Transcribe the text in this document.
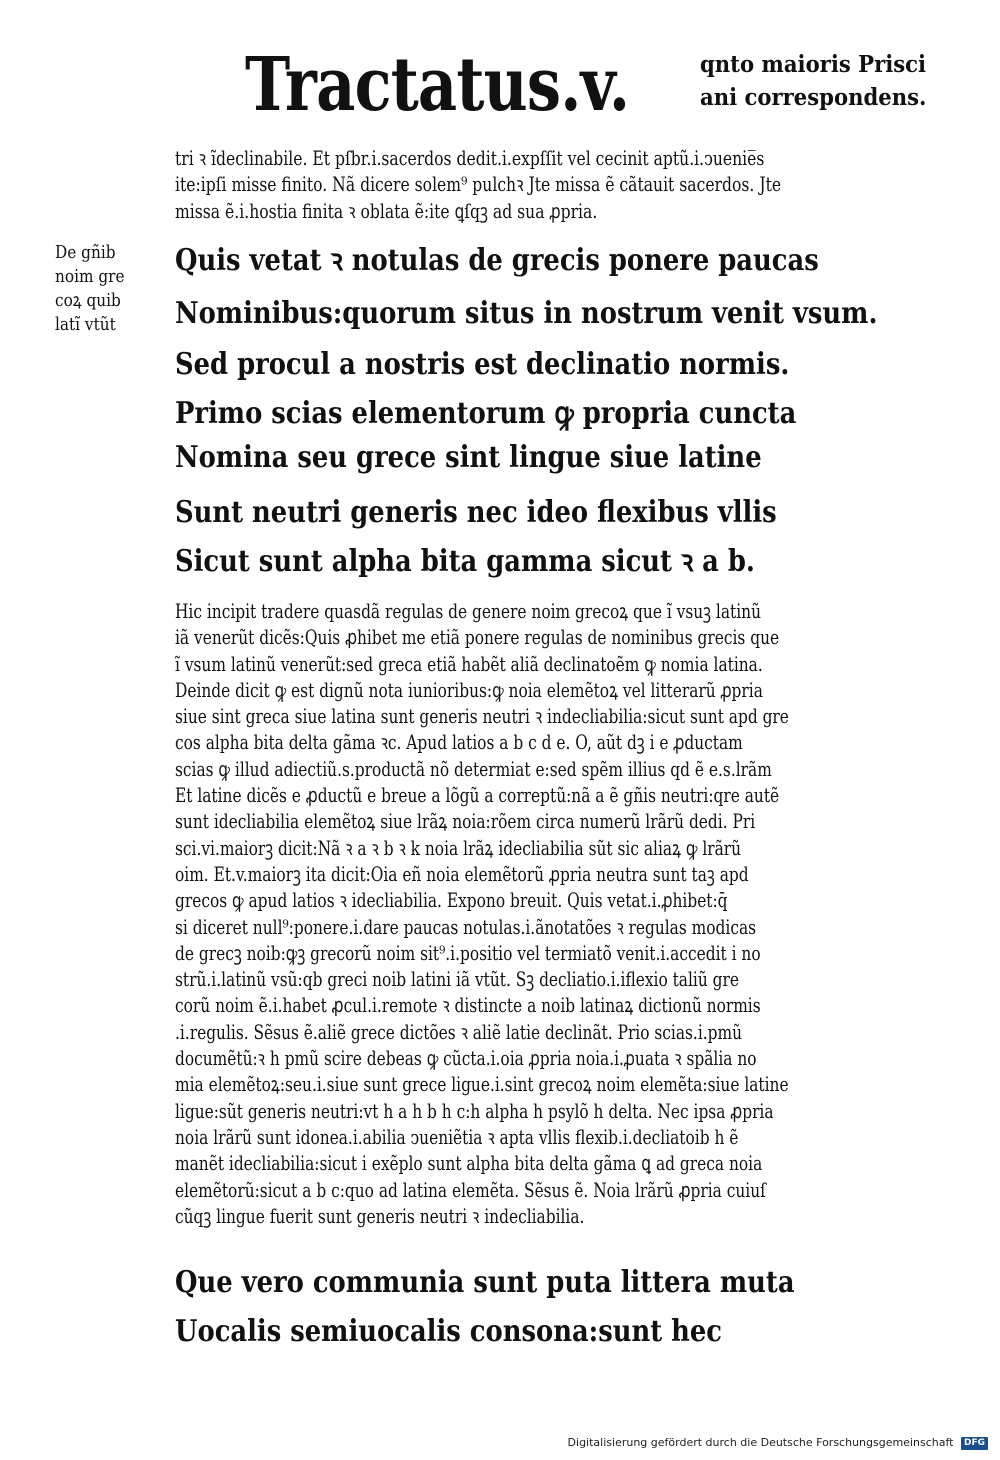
Tractatus.v.	qnto maioris Prisci
ani correspondens.
tri ꝛ ĩdeclinabile. Et pſbr.i.sacerdos dedit.i.expſſit vel cecinit aptũ.i.ↄuenie̅s
ite:ipſi misse finito. Nã dicere solem⁹ pulchꝛ Jte missa ẽ cãtauit sacerdos. Jte
missa ẽ.i.hostia finita ꝛ oblata ẽ:ite ꝗſqꝫ ad sua ꝓpria.
De gñib
noim gre
coꝝ quib
latĩ vtũt
Quis vetat ꝛ notulas de grecis ponere paucas
Nominibus:quorum situs in nostrum venit vsum.
Sed procul a nostris est declinatio normis.
Primo scias elementorum ꝙ propria cuncta
Nomina seu grece sint lingue siue latine
Sunt neutri generis nec ideo flexibus vllis
Sicut sunt alpha bita gamma sicut ꝛ a b.
Hic incipit tradere quasdã regulas de genere noim grecoꝝ que ĩ vsuꝫ latinũ
iã venerũt dicẽs:Quis ꝓhibet me etiã ponere regulas de nominibus grecis que
ĩ vsum latinũ venerũt:sed greca etiã habẽt aliã declinatoẽm ꝙ nomia latina.
Deinde dicit ꝙ est dignũ nota iunioribus:ꝙ noia elemẽtoꝝ vel litterarũ ꝓpria
siue sint greca siue latina sunt generis neutri ꝛ indecliabilia:sicut sunt apd gre
cos alpha bita delta gãma ꝛc. Apud latios a b c d e. O, aũt dꝫ i e ꝓductam
scias ꝙ illud adiectiũ.s.productã nõ determiat e:sed spẽm illius qd ẽ e.s.lrãm
Et latine dicẽs e ꝓductũ e breue a lõgũ a correptũ:nã a ẽ gñis neutri:qre autẽ
sunt idecliabilia elemẽtoꝝ siue lrãꝝ noia:rõem circa numerũ lrãrũ dedi. Pri
sci.vi.maiorꝫ dicit:Nã ꝛ a ꝛ b ꝛ k noia lrãꝝ idecliabilia sũt sic aliaꝝ ꝙ lrãrũ
oim. Et.v.maiorꝫ ita dicit:Oia eñ noia elemẽtorũ ꝓpria neutra sunt taꝫ apd
grecos ꝙ apud latios ꝛ idecliabilia. Expono breuit. Quis vetat.i.ꝓhibet:q̄
si diceret null⁹:ponere.i.dare paucas notulas.i.ãnotatões ꝛ regulas modicas
de grecꝫ noib:ꝙꝫ grecorũ noim sit⁹.i.positio vel termiatõ venit.i.accedit i no
strũ.i.latinũ vsũ:qb greci noib latini iã vtũt. Sꝫ decliatio.i.iflexio taliũ gre
corũ noim ẽ.i.habet ꝓcul.i.remote ꝛ distincte a noib latinaꝝ dictionũ normis
.i.regulis. Sẽsus ẽ.aliẽ grece dictões ꝛ aliẽ latie declinãt. Prio scias.i.pmũ
documẽtũ:ꝛ h pmũ scire debeas ꝙ cũcta.i.oia ꝓpria noia.i.ꝓuata ꝛ spãlia no
mia elemẽtoꝝ:seu.i.siue sunt grece ligue.i.sint grecoꝝ noim elemẽta:siue latine
ligue:sũt generis neutri:vt h a h b h c:h alpha h psylõ h delta. Nec ipsa ꝓpria
noia lrãrũ sunt idonea.i.abilia ↄueniẽtia ꝛ apta vllis flexib.i.decliatoib h ẽ
manẽt idecliabilia:sicut i exẽplo sunt alpha bita delta gãma ꝗ ad greca noia
elemẽtorũ:sicut a b c:quo ad latina elemẽta. Sẽsus ẽ. Noia lrãrũ ꝓpria cuiuſ
cũqꝫ lingue fuerit sunt generis neutri ꝛ indecliabilia.
Que vero communia sunt puta littera muta
Uocalis semiuocalis consona:sunt hec
Digitalisierung gefördert durch die Deutsche Forschungsgemeinschaft DFG
